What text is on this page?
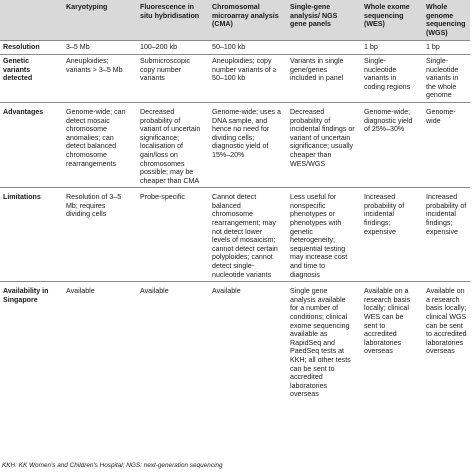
	Karyotyping	Fluorescence in situ hybridisation	Chromosomal microarray analysis (CMA)	Single-gene analysis/ NGS gene panels	Whole exome sequencing (WES)	Whole genome sequencing (WGS)
Resolution	3–5 Mb	100–200 kb	50–100 kb		1 bp	1 bp
Genetic variants detected	Aneuploidies; variants > 3–5 Mb	Submicroscopic copy number variants	Aneuploidies; copy number variants of ≥ 50–100 kb	Variants in single gene/genes included in panel	Single-nucleotide variants in coding regions	Single-nucleotide variants in the whole genome
Advantages	Genome-wide; can detect mosaic chromosome anomalies; can detect balanced chromosome rearrangements	Decreased probability of variant of uncertain significance; localisation of gain/loss on chromosomes possible; may be cheaper than CMA	Genome-wide; uses a DNA sample, and hence no need for dividing cells; diagnostic yield of 15%–20%	Decreased probability of incidental findings or variant of uncertain significance; usually cheaper than WES/WGS	Genome-wide; diagnostic yield of 25%–30%	Genome-wide
Limitations	Resolution of 3–5 Mb; requires dividing cells	Probe-specific	Cannot detect balanced chromosome rearrangement; may not detect lower levels of mosaicism; cannot detect certain polyploides; cannot detect single-nucleotide variants	Less useful for nonspecific phenotypes or phenotypes with genetic heterogeneity; sequential testing may increase cost and time to diagnosis	Increased probability of incidental findings; expensive	Increased probability of incidental findings; expensive
Availability in Singapore	Available	Available	Available	Single gene analysis available for a number of conditions; clinical exome sequencing available as RapidSeq and PaedSeq tests at KKH; all other tests can be sent to accredited laboratories overseas	Available on a research basis locally; clinical WES can be sent to accredited laboratories overseas	Available on a research basis locally; clinical WGS can be sent to accredited laboratories overseas
KKH: KK Women's and Children's Hospital; NGS: next-generation sequencing
